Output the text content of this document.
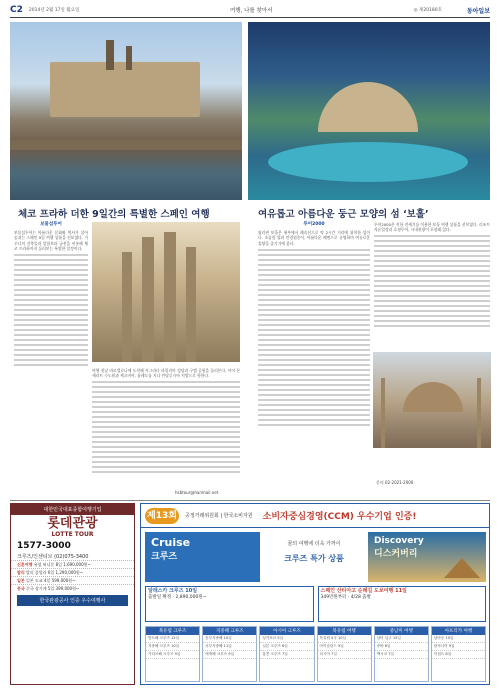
C2 2014년 2월 17일 월요일	여행, 나를 찾아서	◎ 제20180호	동아일보
체코 프라하 더한 9일간의 특별한 스페인 여행	여유롭고 아름다운 둥근 모양의 섬 ‘보홀’
보물섬투어

보물섬투어는 아름다운 문화와 역사가 살아 숨쉬는 스페인 9일 여행 상품을 선보였다. 가우디의 건축물과 알함브라 궁전을 비롯해 체코 프라하까지 둘러보는 특별한 일정이다.

여행 첫날 바르셀로나에 도착해 사그라다 파밀리아 성당과 구엘 공원을 둘러본다. 이어 몬세라트 수도원과 세고비아, 톨레도를 지나 안달루시아 지방으로 향한다.

hsbtour@hanmail.net
투어2000

필리핀 보홀은 세부에서 쾌속선으로 약 2시간 거리에 위치한 섬이다. 초콜릿 힐과 안경원숭이, 아름다운 해변으로 유명하며 여유로운 휴양을 즐기기에 좋다.

투어2000은 직항 전세기를 이용한 보홀 여행 상품을 선보였다. 리조트 자유일정과 호핑투어, 시내관광이 포함돼 있다.

문의 02-2021-2000
대한민국대표종합여행기업
롯데관광
LOTTE TOUR
1577-3000
크루즈/인센티브 (02)075-3400
신혼여행 유럽 허니문 8일 1,690,000원~
발리 발리 풀빌라 6일 1,290,000원~
일본 일본 도쿄 4일 599,000원~
중국 중국 장가계 5일 399,000원~
한국관광공사 인증 우수여행사
제13회	공정거래위원회 | 한국소비자원 소비자중심경영(CCM) 우수기업 인증!
Cruise
크루즈
꿈의 여행에 더욱 가까이
크루즈 특가 상품
Discovery
디스커버리
알래스카 크루즈 10일
출발일 확정 · 2,890,000원~
스페인 산티아고 순례길 도보여행 11일
349만원부터 · 4/28 출발
북유럽 크루즈
발트해 크루즈 12일
지중해 크루즈 10일
카리브해 크루즈 9일
지중해 크루즈
동부지중해 10일
서부지중해 11일
에게해 크루즈 9일
아시아 크루즈
싱가포르 5일
일본 크루즈 6일
홍콩 크루즈 7일
북유럽 여행
북유럽 4국 10일
아이슬란드 9일
러시아 7일
중남미 여행
남미 일주 15일
쿠바 8일
멕시코 7일
아프리카 여행
남아공 10일
탄자니아 9일
이집트 8일
